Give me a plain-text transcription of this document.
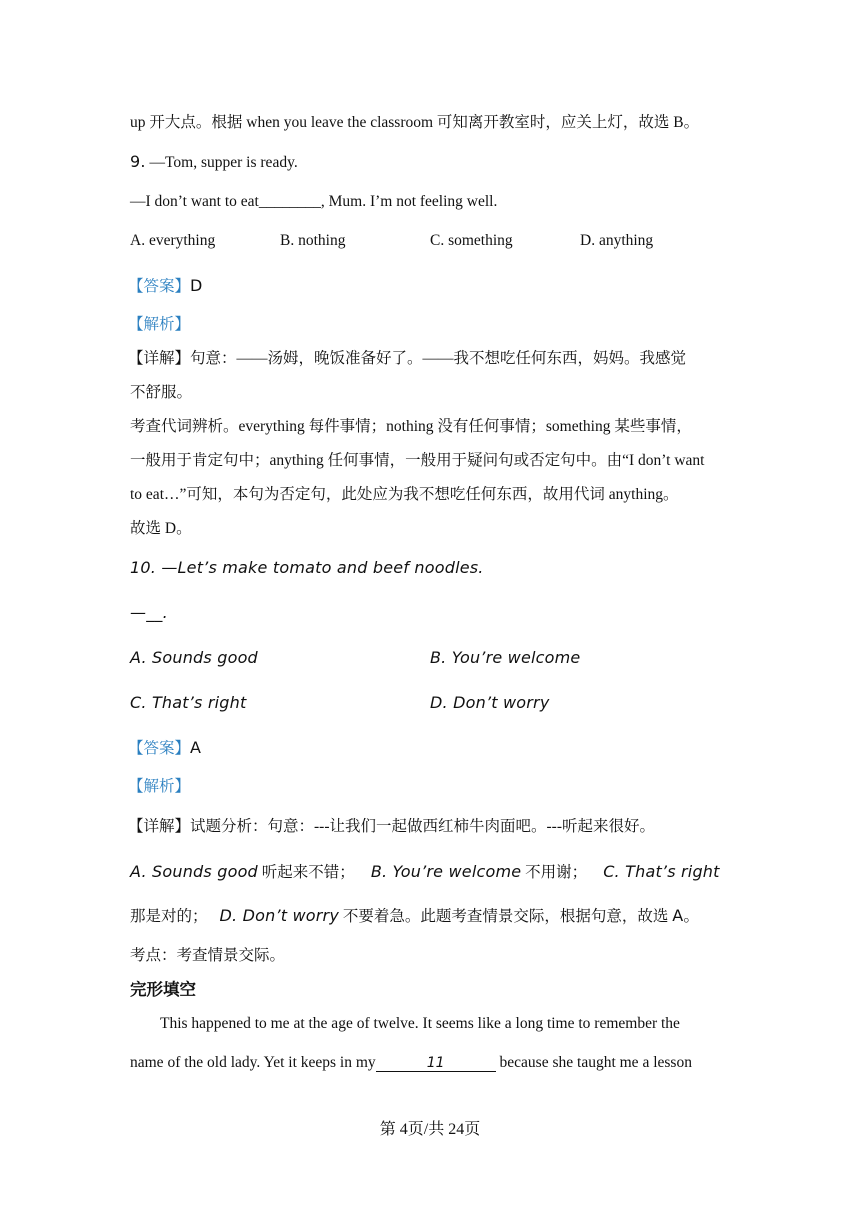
up 开大点。根据 when you leave the classroom 可知离开教室时，应关上灯，故选 B。
9. —Tom, supper is ready.
—I don’t want to eat________, Mum. I’m not feeling well.
A. everything	B. nothing	C. something	D. anything
【答案】D
【解析】
【详解】句意：——汤姆，晚饭准备好了。——我不想吃任何东西，妈妈。我感觉
不舒服。
考查代词辨析。everything 每件事情；nothing 没有任何事情；something 某些事情，
一般用于肯定句中；anything 任何事情，一般用于疑问句或否定句中。由“I don’t want
to eat…”可知，本句为否定句，此处应为我不想吃任何东西，故用代词 anything。
故选 D。
10. —Let’s make tomato and beef noodles.
—__.
A. Sounds good	B. You’re welcome
C. That’s right	D. Don’t worry
【答案】A
【解析】
【详解】试题分析：句意：---让我们一起做西红柿牛肉面吧。---听起来很好。
A. Sounds good 听起来不错； B. You’re welcome 不用谢； C. That’s right
那是对的； D. Don’t worry 不要着急。此题考查情景交际，根据句意，故选 A。
考点：考查情景交际。
完形填空
This happened to me at the age of twelve. It seems like a long time to remember the
name of the old lady. Yet it keeps in my	11	because she taught me a lesson
第 4页/共 24页
